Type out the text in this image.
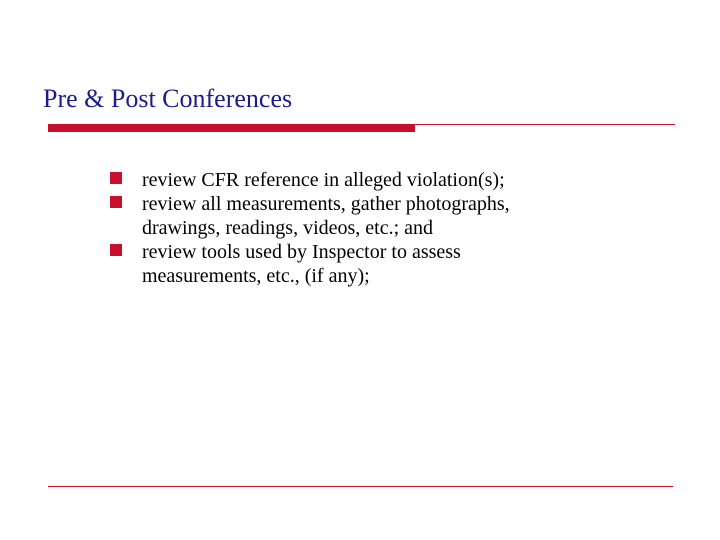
Pre & Post Conferences
review CFR reference in alleged violation(s);
review all measurements, gather photographs,
drawings, readings, videos, etc.; and
review tools used by Inspector to assess
measurements, etc., (if any);
